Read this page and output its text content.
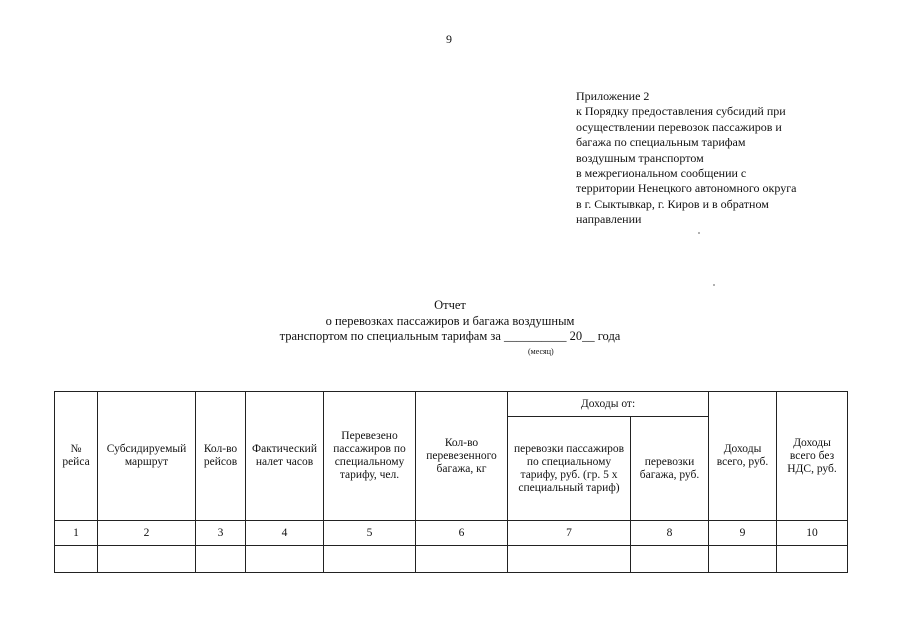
9
Приложение 2
к Порядку предоставления субсидий при
осуществлении перевозок пассажиров и
багажа по специальным тарифам
воздушным транспортом
в межрегиональном сообщении с
территории Ненецкого автономного округа
в г. Сыктывкар, г. Киров и в обратном
направлении
Отчет
о перевозках пассажиров и багажа воздушным
транспортом по специальным тарифам за __________ 20__ года
(месяц)
№ рейса	Субсидируемый маршрут	Кол-во рейсов	Фактический налет часов	Перевезено пассажиров по специальному тарифу, чел.	Кол-во перевезенного багажа, кг	Доходы от:		Доходы всего, руб.	Доходы всего без НДС, руб.
						перевозки пассажиров по специальному тарифу, руб. (гр. 5 х специальный тариф)	перевозки багажа, руб.		
1	2	3	4	5	6	7	8	9	10
